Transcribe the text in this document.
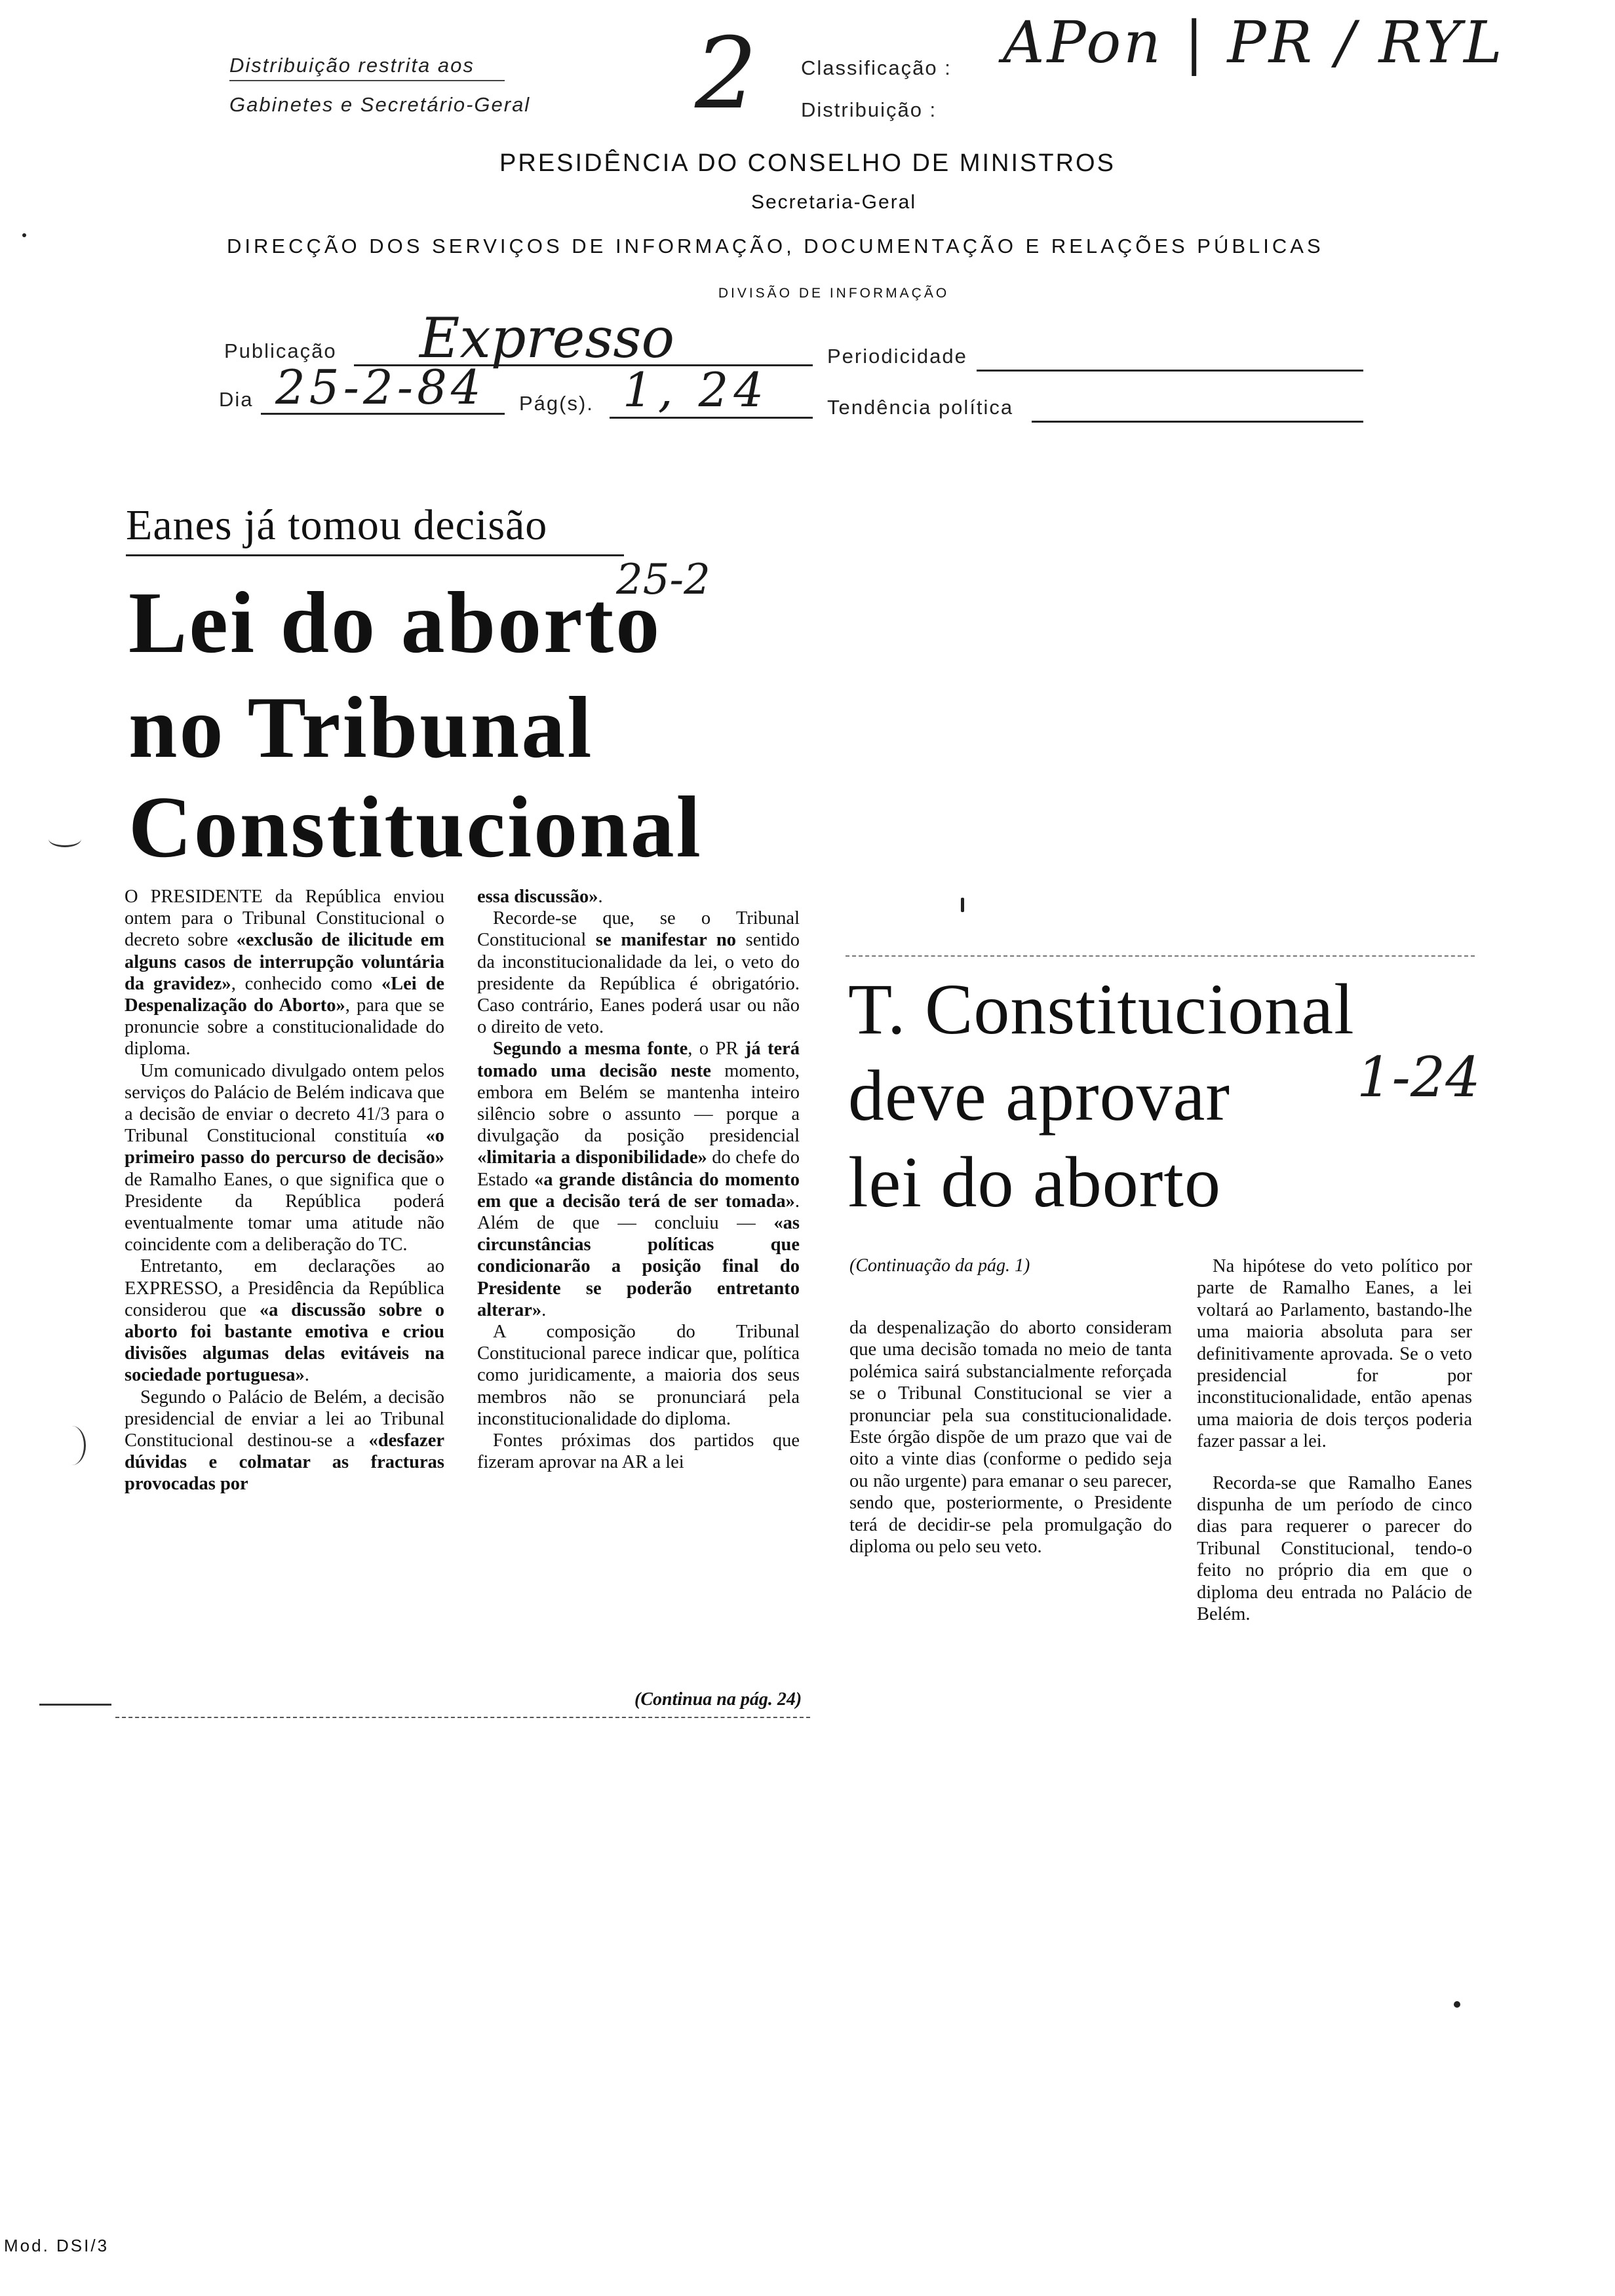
Distribuição restrita aos
Gabinetes e Secretário-Geral 2 Classificação : APon | PR / RYL
Distribuição :
PRESIDÊNCIA DO CONSELHO DE MINISTROS
Secretaria-Geral
DIRECÇÃO DOS SERVIÇOS DE INFORMAÇÃO, DOCUMENTAÇÃO E RELAÇÕES PÚBLICAS
DIVISÃO DE INFORMAÇÃO
Publicação Expresso	Periodicidade
Dia 25-2-84 Pág(s). 1, 24	Tendência política
Eanes já tomou decisão
25-2
Lei do aborto
no Tribunal
Constitucional

O PRESIDENTE da República enviou ontem para o Tribunal Constitucional o decreto sobre «exclusão de ilicitude em alguns casos de interrupção voluntária da gravidez», conhecido como «Lei de Despenalização do Aborto», para que se pronuncie sobre a constitucionalidade do diploma.

Um comunicado divulgado ontem pelos serviços do Palácio de Belém indicava que a decisão de enviar o decreto 41/3 para o Tribunal Constitucional constituía «o primeiro passo do percurso de decisão» de Ramalho Eanes, o que significa que o Presidente da República poderá eventualmente tomar uma atitude não coincidente com a deliberação do TC.

Entretanto, em declarações ao EXPRESSO, a Presidência da República considerou que «a discussão sobre o aborto foi bastante emotiva e criou divisões algumas delas evitáveis na sociedade portuguesa».

Segundo o Palácio de Belém, a decisão presidencial de enviar a lei ao Tribunal Constitucional destinou-se a «desfazer dúvidas e colmatar as fracturas provocadas por

essa discussão».

Recorde-se que, se o Tribunal Constitucional se manifestar no sentido da inconstitucionalidade da lei, o veto do presidente da República é obrigatório. Caso contrário, Eanes poderá usar ou não o direito de veto.

Segundo a mesma fonte, o PR já terá tomado uma decisão neste momento, embora em Belém se mantenha inteiro silêncio sobre o assunto — porque a divulgação da posição presidencial «limitaria a disponibilidade» do chefe do Estado «a grande distância do momento em que a decisão terá de ser tomada». Além de que — concluiu — «as circunstâncias políticas que condicionarão a posição final do Presidente se poderão entretanto alterar».

A composição do Tribunal Constitucional parece indicar que, política como juridicamente, a maioria dos seus membros não se pronunciará pela inconstitucionalidade do diploma.

Fontes próximas dos partidos que fizeram aprovar na AR a lei

(Continua na pág. 24)
T. Constitucional
deve aprovar
lei do aborto
1-24
(Continuação da pág. 1)

da despenalização do aborto consideram que uma decisão tomada no meio de tanta polémica sairá substancialmente reforçada se o Tribunal Constitucional se vier a pronunciar pela sua constitucionalidade. Este órgão dispõe de um prazo que vai de oito a vinte dias (conforme o pedido seja ou não urgente) para emanar o seu parecer, sendo que, posteriormente, o Presidente terá de decidir-se pela promulgação do diploma ou pelo seu veto.

Na hipótese do veto político por parte de Ramalho Eanes, a lei voltará ao Parlamento, bastando-lhe uma maioria absoluta para ser definitivamente aprovada. Se o veto presidencial for por inconstitucionalidade, então apenas uma maioria de dois terços poderia fazer passar a lei.

Recorda-se que Ramalho Eanes dispunha de um período de cinco dias para requerer o parecer do Tribunal Constitucional, tendo-o feito no próprio dia em que o diploma deu entrada no Palácio de Belém.

Mod. DSI/3
